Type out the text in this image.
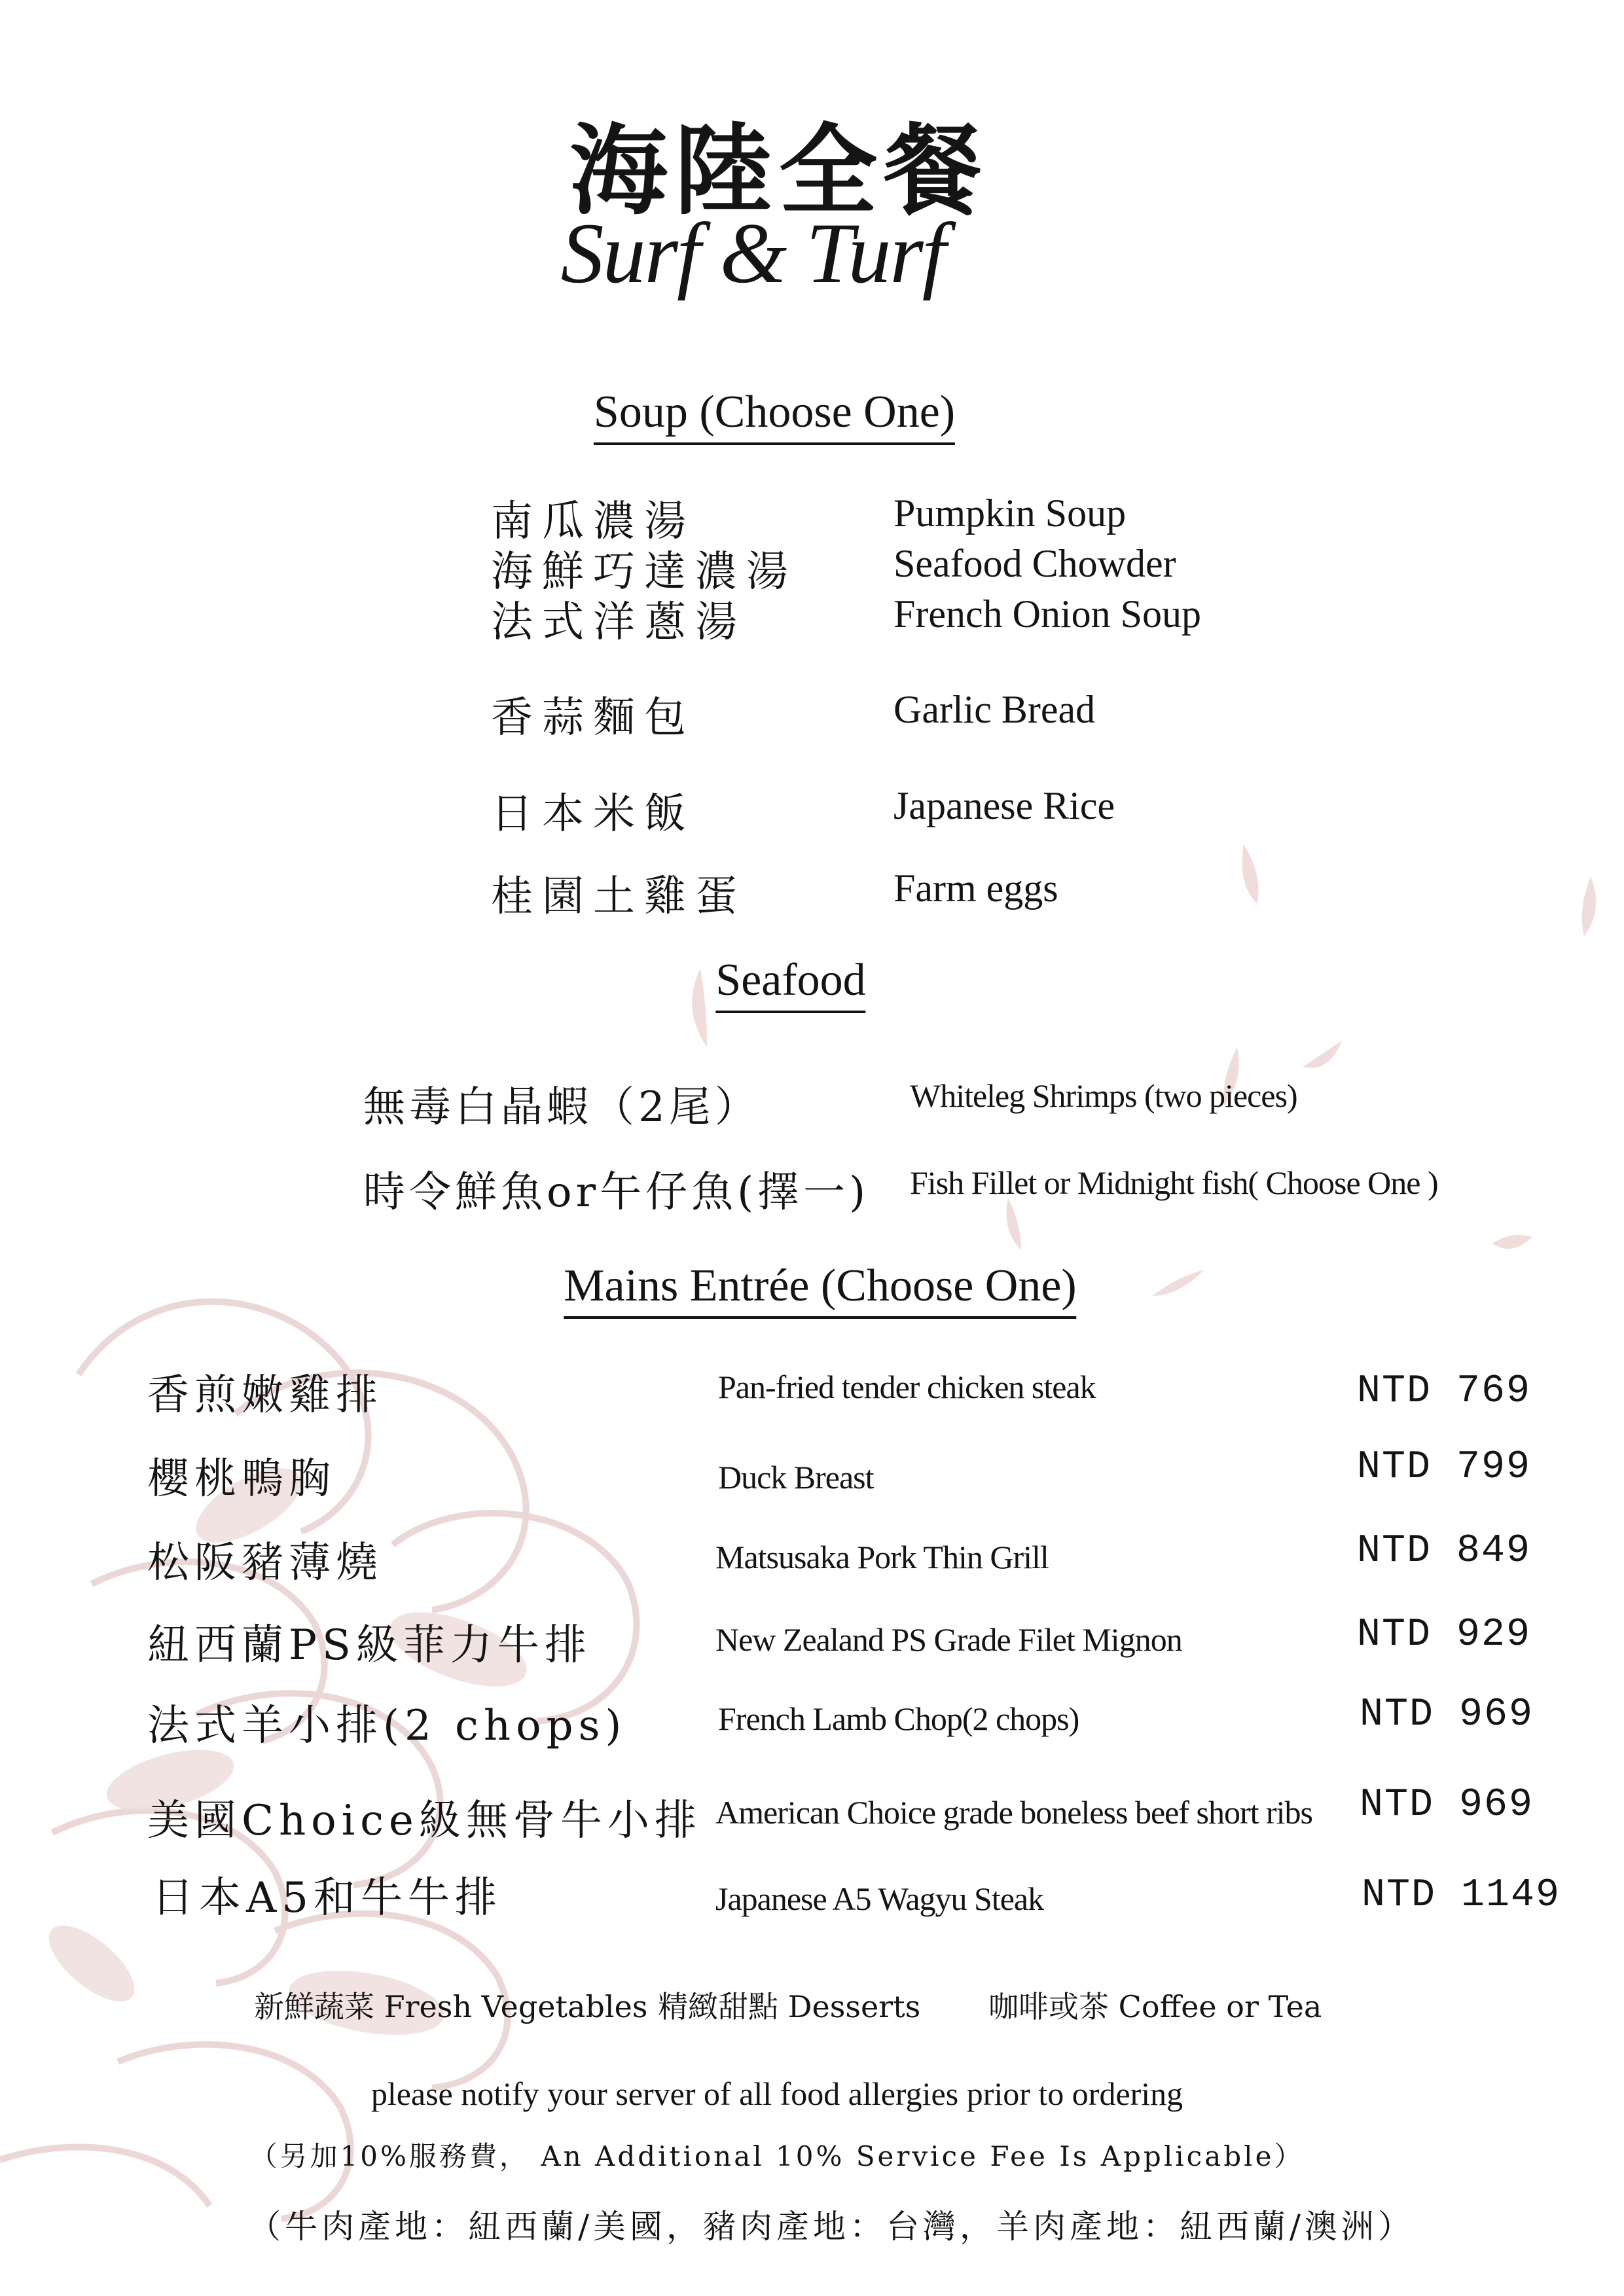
海陸全餐
Surf & Turf
Soup (Choose One)
南瓜濃湯	Pumpkin Soup
海鮮巧達濃湯 Seafood Chowder
法式洋蔥湯	French Onion Soup
香蒜麵包	Garlic Bread
日本米飯	Japanese Rice
桂園土雞蛋	Farm eggs
Seafood
無毒白晶蝦（2尾）	Whiteleg Shrimps (two pieces)
時令鮮魚or午仔魚(擇一) Fish Fillet or Midnight fish( Choose One )
Mains Entrée (Choose One)
香煎嫩雞排	Pan-fried tender chicken steak	NTD 769
櫻桃鴨胸	Duck Breast	NTD 799
松阪豬薄燒	Matsusaka Pork Thin Grill	NTD 849
紐西蘭PS級菲力牛排	New Zealand PS Grade Filet Mignon	NTD 929
法式羊小排(2 chops)	French Lamb Chop(2 chops)	NTD 969
美國Choice級無骨牛小排 American Choice grade boneless beef short ribs NTD 969
日本A5和牛牛排	Japanese A5 Wagyu Steak	NTD 1149
新鮮蔬菜 Fresh Vegetables 精緻甜點 Desserts 咖啡或茶 Coffee or Tea
please notify your server of all food allergies prior to ordering
（另加10%服務費， An Additional 10% Service Fee Is Applicable）
（牛肉產地：紐西蘭/美國，豬肉產地：台灣，羊肉產地：紐西蘭/澳洲）
